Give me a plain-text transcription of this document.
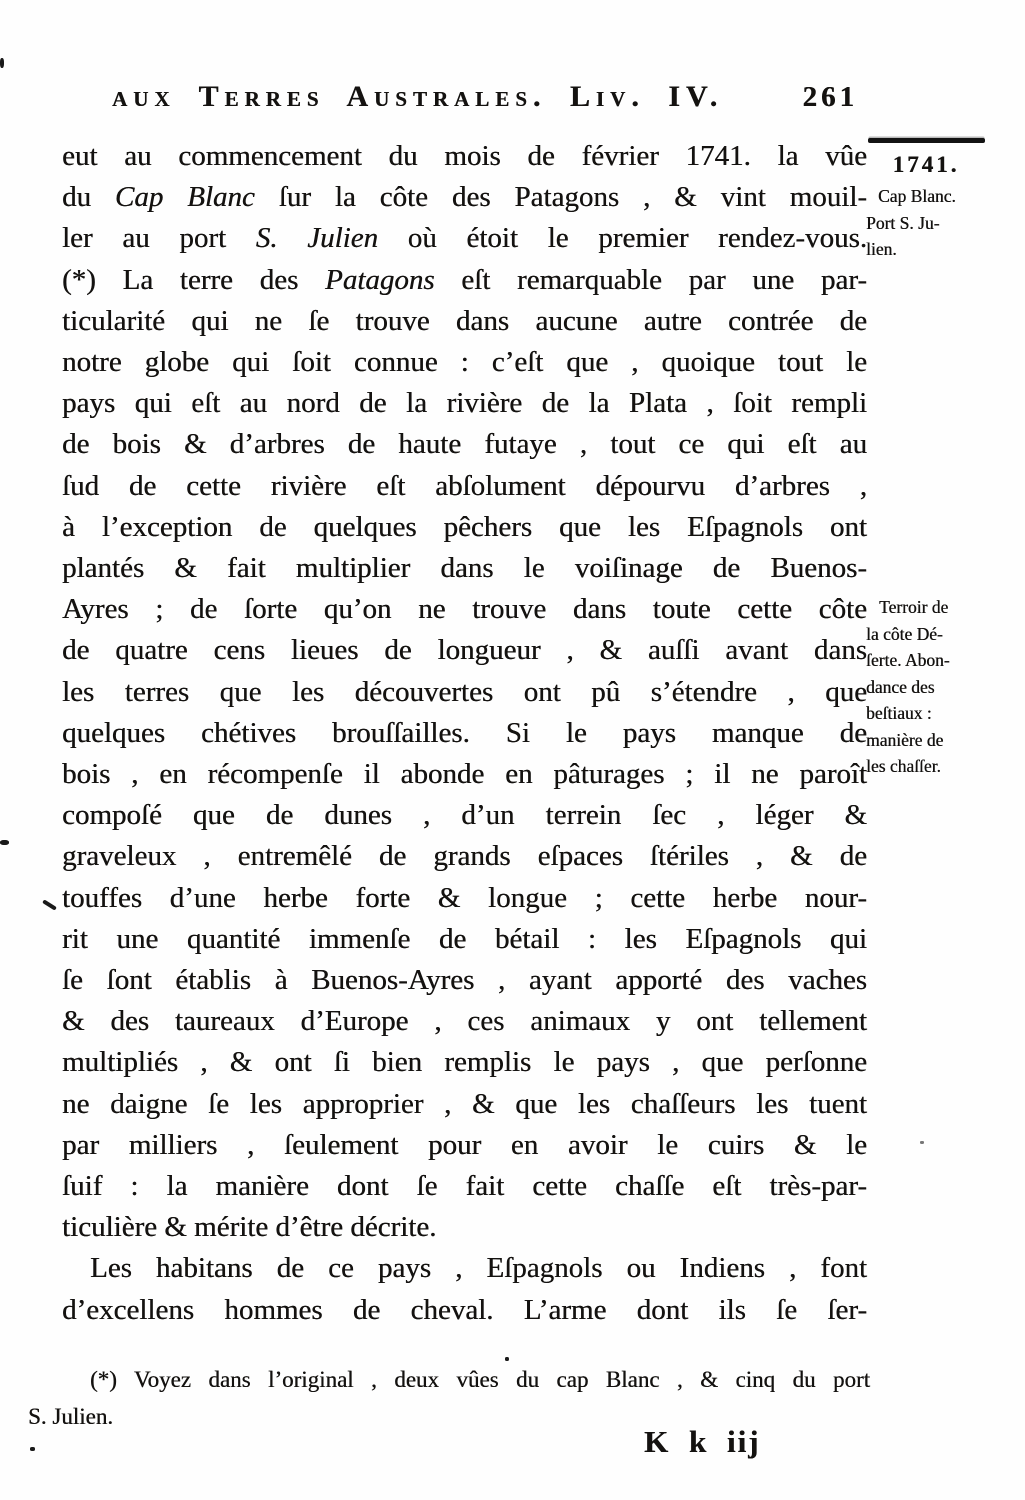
aux Terres Australes. Liv. IV.	261
eut au commencement du mois de février 1741. la vûe
du Cap Blanc ſur la côte des Patagons , & vint mouil-
ler au port S. Julien où étoit le premier rendez-vous.
(*) La terre des Patagons eſt remarquable par une par-
ticularité qui ne ſe trouve dans aucune autre contrée de
notre globe qui ſoit connue : c’eſt que , quoique tout le
pays qui eſt au nord de la rivière de la Plata , ſoit rempli
de bois & d’arbres de haute futaye , tout ce qui eſt au
ſud de cette rivière eſt abſolument dépourvu d’arbres ,
à l’exception de quelques pêchers que les Eſpagnols ont
plantés & fait multiplier dans le voiſinage de Buenos-
Ayres ; de ſorte qu’on ne trouve dans toute cette côte
de quatre cens lieues de longueur , & auſſi avant dans
les terres que les découvertes ont pû s’étendre , que
quelques chétives brouſſailles. Si le pays manque de
bois , en récompenſe il abonde en pâturages ; il ne paroît
compoſé que de dunes , d’un terrein ſec , léger &
graveleux , entremêlé de grands eſpaces ſtériles , & de
touffes d’une herbe forte & longue ; cette herbe nour-
rit une quantité immenſe de bétail : les Eſpagnols qui
ſe ſont établis à Buenos-Ayres , ayant apporté des vaches
& des taureaux d’Europe , ces animaux y ont tellement
multipliés , & ont ſi bien remplis le pays , que perſonne
ne daigne ſe les approprier , & que les chaſſeurs les tuent
par milliers , ſeulement pour en avoir le cuirs & le
ſuif : la manière dont ſe fait cette chaſſe eſt très-par-
ticulière & mérite d’être décrite.
Les habitans de ce pays , Eſpagnols ou Indiens , font
d’excellens hommes de cheval. L’arme dont ils ſe ſer-
1741.
Cap Blanc.
Port S. Ju-
lien.
Terroir de
la côte Dé-
ſerte. Abon-
dance des
beſtiaux :
manière de
les chaſſer.
(*) Voyez dans l’original , deux vûes du cap Blanc , & cinq du port
S. Julien.
K k iij
